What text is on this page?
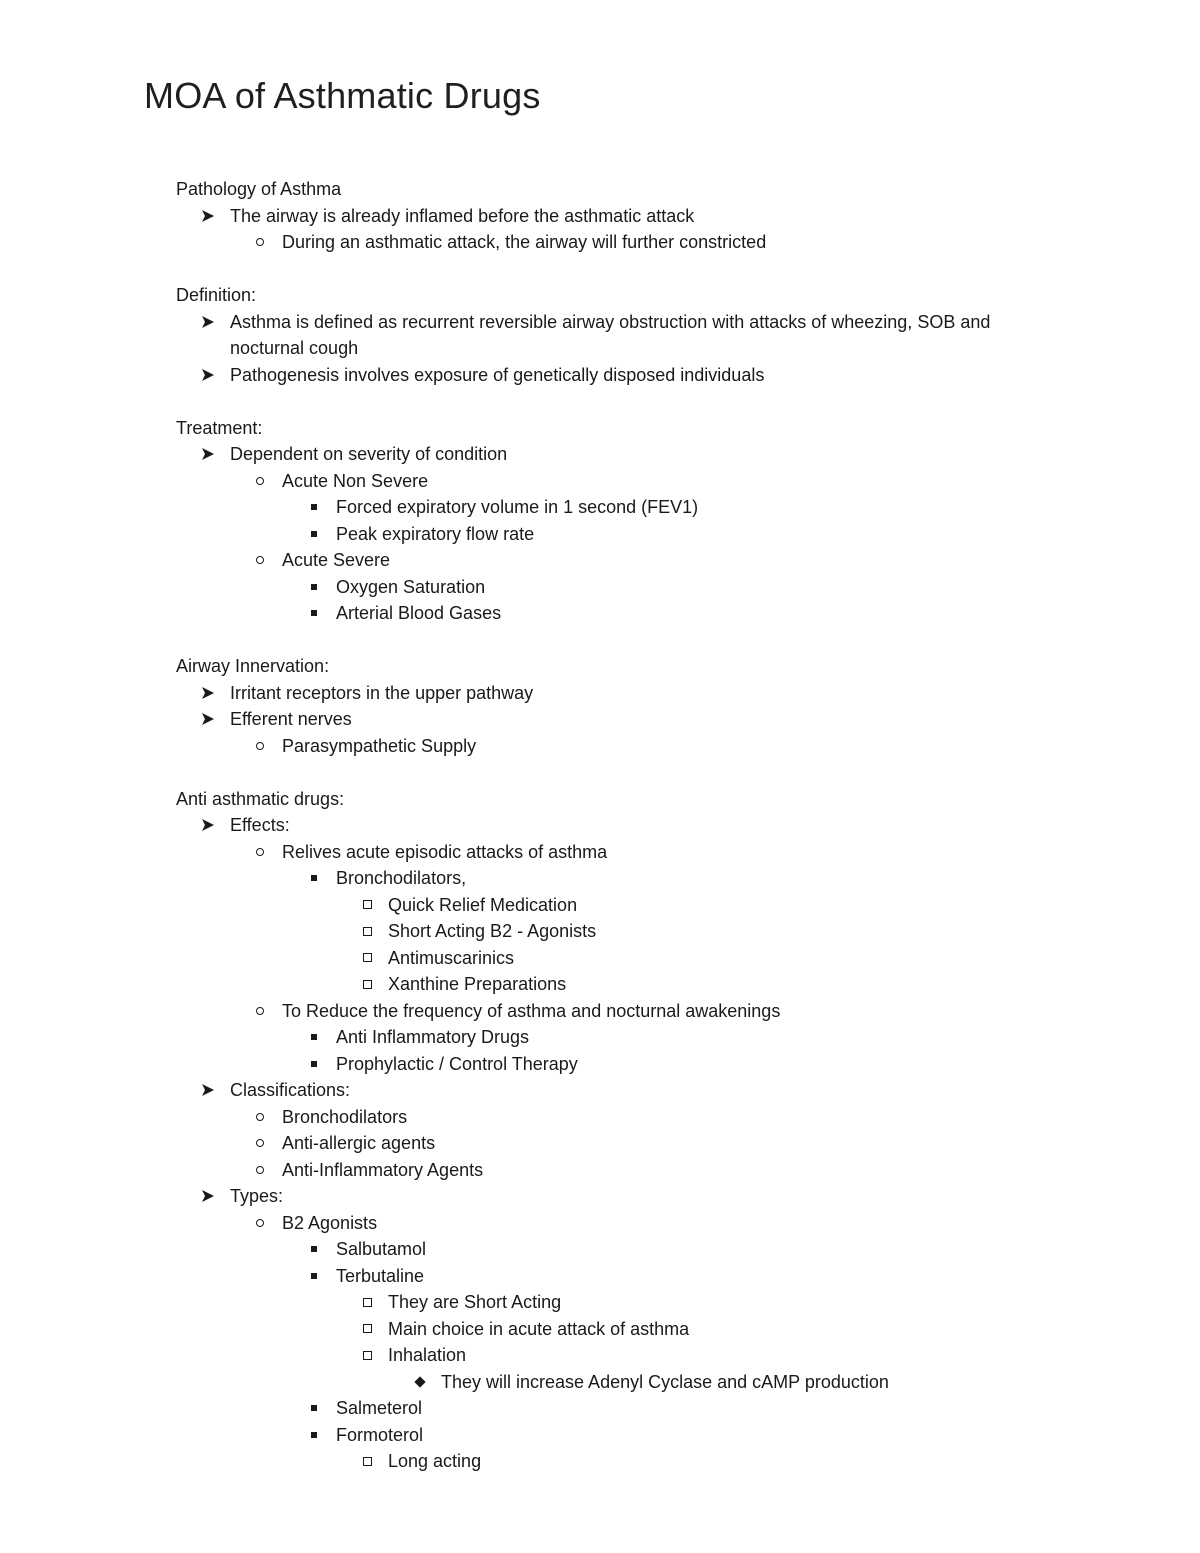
MOA of Asthmatic Drugs
Pathology of Asthma
The airway is already inflamed before the asthmatic attack
During an asthmatic attack, the airway will further constricted
Definition:
Asthma is defined as recurrent reversible airway obstruction with attacks of wheezing, SOB and nocturnal cough
Pathogenesis involves exposure of genetically disposed individuals
Treatment:
Dependent on severity of condition
Acute Non Severe
Forced expiratory volume in 1 second (FEV1)
Peak expiratory flow rate
Acute Severe
Oxygen Saturation
Arterial Blood Gases
Airway Innervation:
Irritant receptors in the upper pathway
Efferent nerves
Parasympathetic Supply
Anti asthmatic drugs:
Effects:
Relives acute episodic attacks of asthma
Bronchodilators,
Quick Relief Medication
Short Acting B2 - Agonists
Antimuscarinics
Xanthine Preparations
To Reduce the frequency of asthma and nocturnal awakenings
Anti Inflammatory Drugs
Prophylactic / Control Therapy
Classifications:
Bronchodilators
Anti-allergic agents
Anti-Inflammatory Agents
Types:
B2 Agonists
Salbutamol
Terbutaline
They are Short Acting
Main choice in acute attack of asthma
Inhalation
They will increase Adenyl Cyclase and cAMP production
Salmeterol
Formoterol
Long acting
